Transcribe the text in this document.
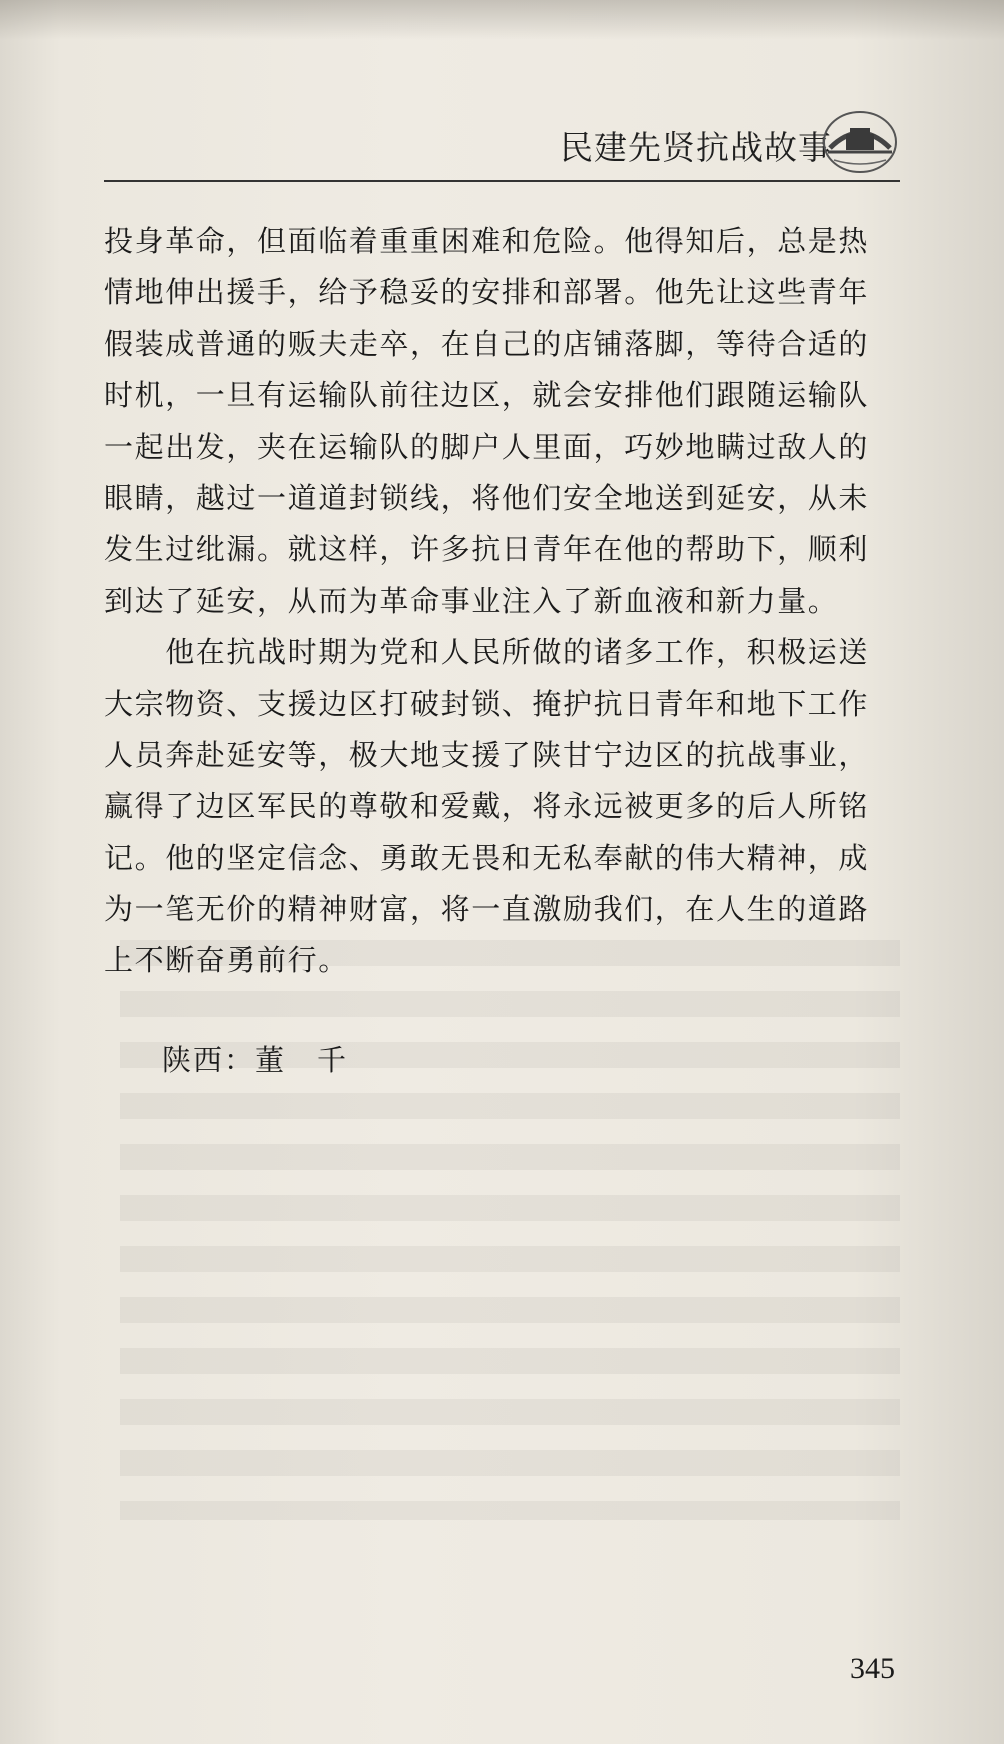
民建先贤抗战故事
投身革命，但面临着重重困难和危险。他得知后，总是热
情地伸出援手，给予稳妥的安排和部署。他先让这些青年
假装成普通的贩夫走卒，在自己的店铺落脚，等待合适的
时机，一旦有运输队前往边区，就会安排他们跟随运输队
一起出发，夹在运输队的脚户人里面，巧妙地瞒过敌人的
眼睛，越过一道道封锁线，将他们安全地送到延安，从未
发生过纰漏。就这样，许多抗日青年在他的帮助下，顺利
到达了延安，从而为革命事业注入了新血液和新力量。
　　他在抗战时期为党和人民所做的诸多工作，积极运送
大宗物资、支援边区打破封锁、掩护抗日青年和地下工作
人员奔赴延安等，极大地支援了陕甘宁边区的抗战事业，
赢得了边区军民的尊敬和爱戴，将永远被更多的后人所铭
记。他的坚定信念、勇敢无畏和无私奉献的伟大精神，成
为一笔无价的精神财富，将一直激励我们，在人生的道路
上不断奋勇前行。
陕西：董　千
345
